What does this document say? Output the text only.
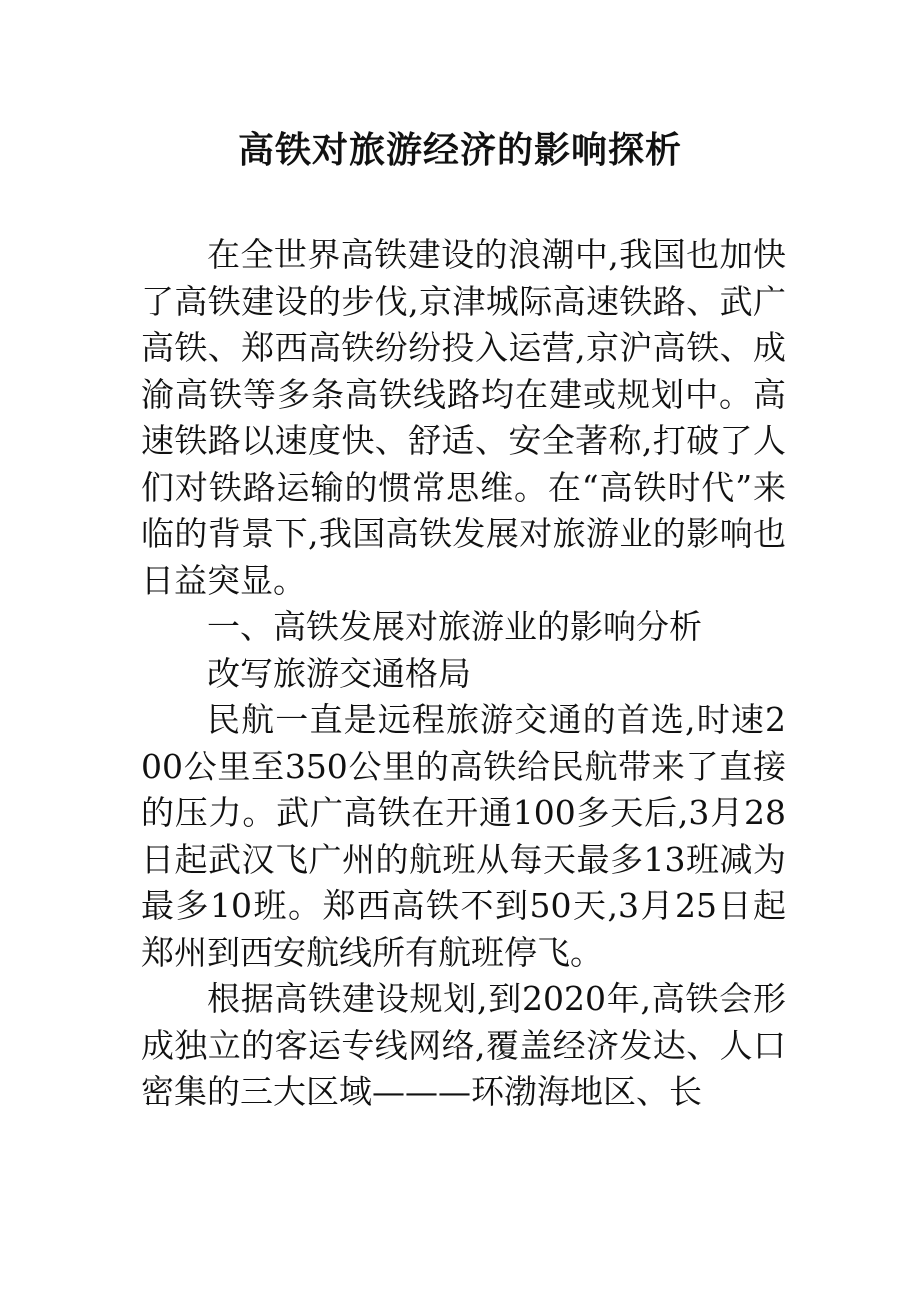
高铁对旅游经济的影响探析

在全世界高铁建设的浪潮中,我国也加快了高铁建设的步伐,京津城际高速铁路、武广高铁、郑西高铁纷纷投入运营,京沪高铁、成渝高铁等多条高铁线路均在建或规划中。高速铁路以速度快、舒适、安全著称,打破了人们对铁路运输的惯常思维。在“高铁时代”来临的背景下,我国高铁发展对旅游业的影响也日益突显。

一、高铁发展对旅游业的影响分析

改写旅游交通格局

民航一直是远程旅游交通的首选,时速200公里至350公里的高铁给民航带来了直接的压力。武广高铁在开通100多天后,3月28日起武汉飞广州的航班从每天最多13班减为最多10班。郑西高铁不到50天,3月25日起郑州到西安航线所有航班停飞。

根据高铁建设规划,到2020年,高铁会形成独立的客运专线网络,覆盖经济发达、人口密集的三大区域———环渤海地区、长
